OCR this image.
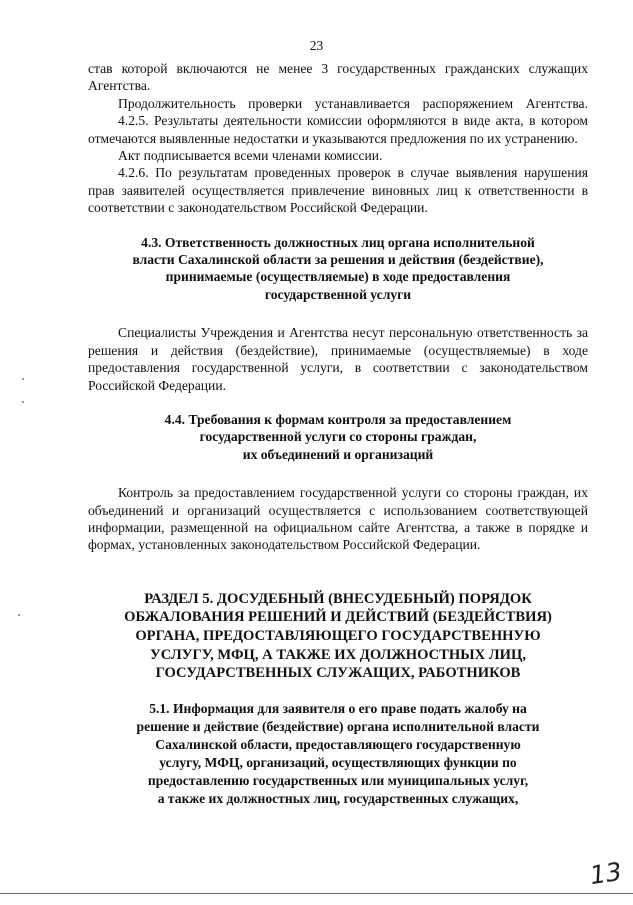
23

став которой включаются не менее 3 государственных гражданских служащих Агентства.

Продолжительность проверки устанавливается распоряжением Агентства.

4.2.5. Результаты деятельности комиссии оформляются в виде акта, в котором отмечаются выявленные недостатки и указываются предложения по их устранению.

Акт подписывается всеми членами комиссии.

4.2.6. По результатам проведенных проверок в случае выявления нарушения прав заявителей осуществляется привлечение виновных лиц к ответственности в соответствии с законодательством Российской Федерации.

4.3. Ответственность должностных лиц органа исполнительной

власти Сахалинской области за решения и действия (бездействие),

принимаемые (осуществляемые) в ходе предоставления

государственной услуги

Специалисты Учреждения и Агентства несут персональную ответственность за решения и действия (бездействие), принимаемые (осуществляемые) в ходе предоставления государственной услуги, в соответствии с законодательством Российской Федерации.

4.4. Требования к формам контроля за предоставлением

государственной услуги со стороны граждан,

их объединений и организаций

Контроль за предоставлением государственной услуги со стороны граждан, их объединений и организаций осуществляется с использованием соответствующей информации, размещенной на официальном сайте Агентства, а также в порядке и формах, установленных законодательством Российской Федерации.

РАЗДЕЛ 5. ДОСУДЕБНЫЙ (ВНЕСУДЕБНЫЙ) ПОРЯДОК

ОБЖАЛОВАНИЯ РЕШЕНИЙ И ДЕЙСТВИЙ (БЕЗДЕЙСТВИЯ)

ОРГАНА, ПРЕДОСТАВЛЯЮЩЕГО ГОСУДАРСТВЕННУЮ

УСЛУГУ, МФЦ, А ТАКЖЕ ИХ ДОЛЖНОСТНЫХ ЛИЦ,

ГОСУДАРСТВЕННЫХ СЛУЖАЩИХ, РАБОТНИКОВ

5.1. Информация для заявителя о его праве подать жалобу на

решение и действие (бездействие) органа исполнительной власти

Сахалинской области, предоставляющего государственную

услугу, МФЦ, организаций, осуществляющих функции по

предоставлению государственных или муниципальных услуг,

а также их должностных лиц, государственных служащих,

13
